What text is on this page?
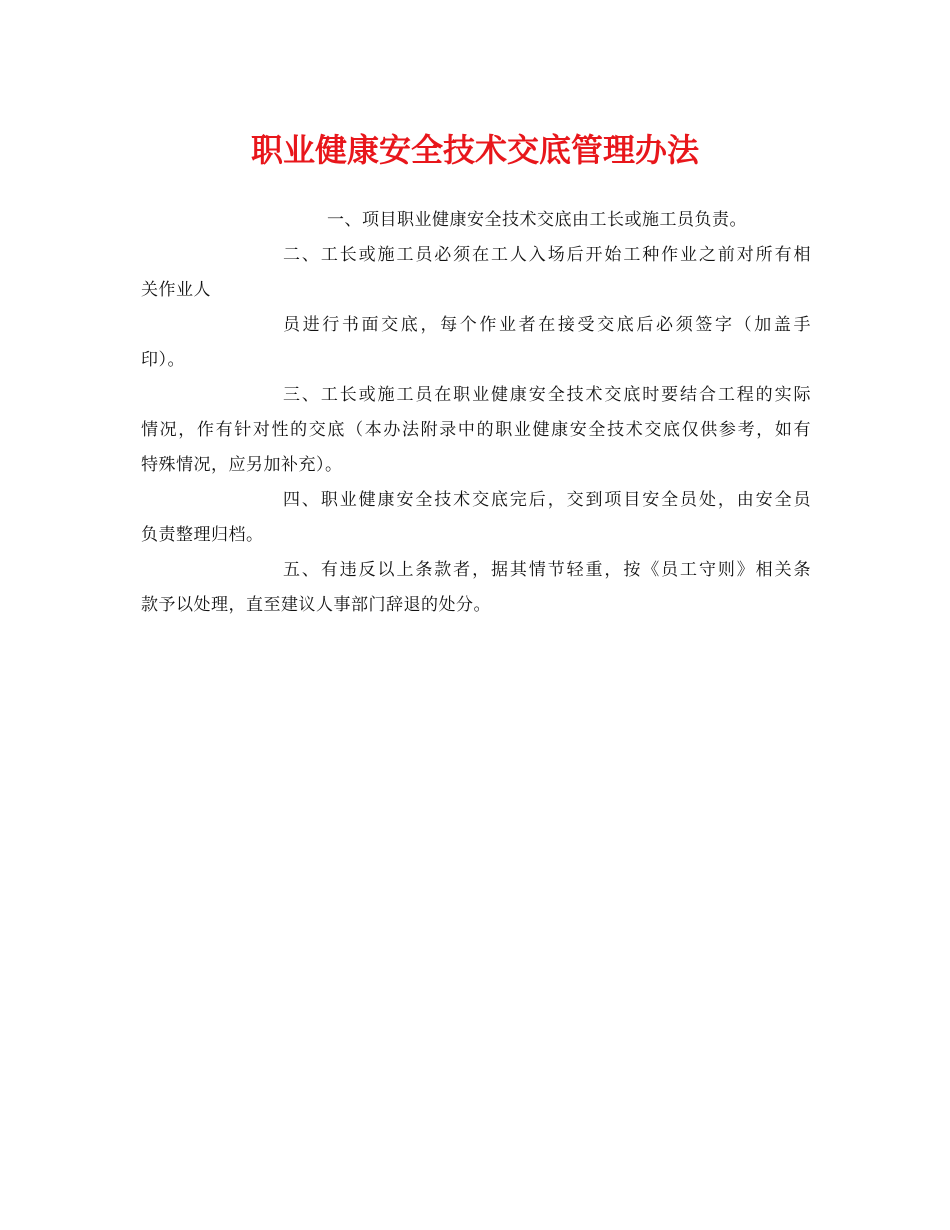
职业健康安全技术交底管理办法
一、项目职业健康安全技术交底由工长或施工员负责。
二、工长或施工员必须在工人入场后开始工种作业之前对所有相
关作业人
员进行书面交底，每个作业者在接受交底后必须签字（加盖手
印）。
三、工长或施工员在职业健康安全技术交底时要结合工程的实际
情况，作有针对性的交底（本办法附录中的职业健康安全技术交底仅供参考，如有
特殊情况，应另加补充）。
四、职业健康安全技术交底完后，交到项目安全员处，由安全员
负责整理归档。
五、有违反以上条款者，据其情节轻重，按《员工守则》相关条
款予以处理，直至建议人事部门辞退的处分。
